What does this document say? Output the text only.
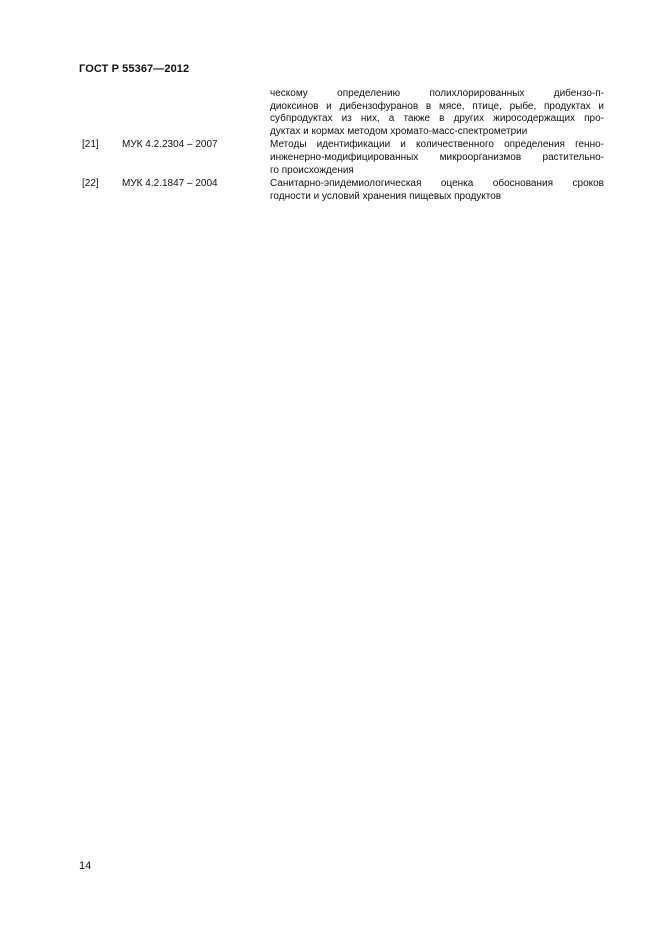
ГОСТ Р 55367—2012
ческому определению полихлорированных дибензо-п-
диоксинов и дибензофуранов в мясе, птице, рыбе, продуктах и
субпродуктах из них, а также в других жиросодержащих про-
дуктах и кормах методом хромато-масс-спектрометрии
[21]	МУК 4.2.2304 – 2007	Методы идентификации и количественного определения генно-
инженерно-модифицированных микроорганизмов растительно-
го происхождения
[22]	МУК 4.2.1847 – 2004	Санитарно-эпидемиологическая оценка обоснования сроков
годности и условий хранения пищевых продуктов
14
